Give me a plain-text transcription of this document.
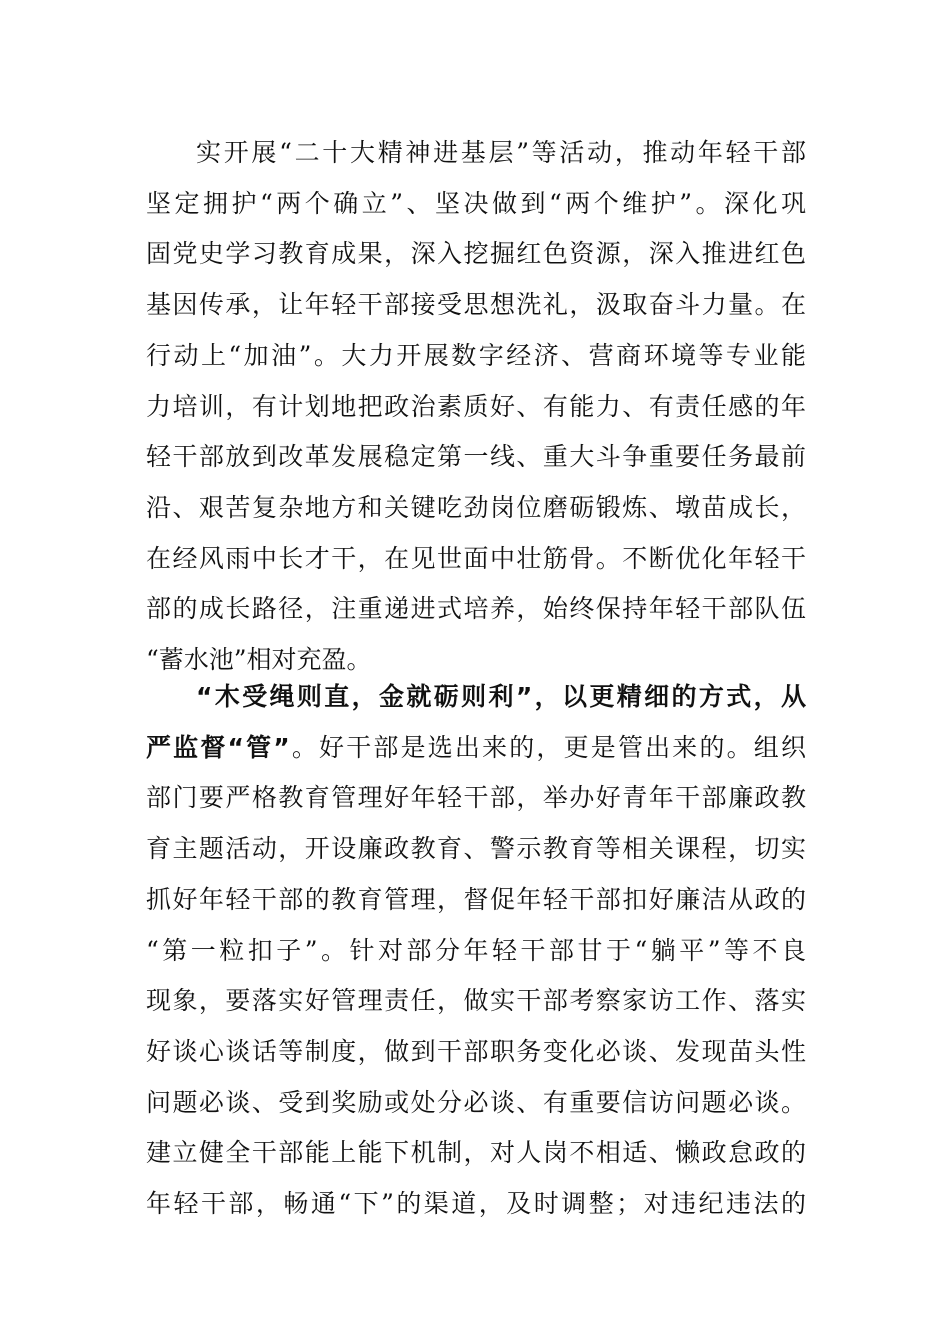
实开展“二十大精神进基层”等活动，推动年轻干部
坚定拥护“两个确立”、坚决做到“两个维护”。深化巩
固党史学习教育成果，深入挖掘红色资源，深入推进红色
基因传承，让年轻干部接受思想洗礼，汲取奋斗力量。在
行动上“加油”。大力开展数字经济、营商环境等专业能
力培训，有计划地把政治素质好、有能力、有责任感的年
轻干部放到改革发展稳定第一线、重大斗争重要任务最前
沿、艰苦复杂地方和关键吃劲岗位磨砺锻炼、墩苗成长，
在经风雨中长才干，在见世面中壮筋骨。不断优化年轻干
部的成长路径，注重递进式培养，始终保持年轻干部队伍
“蓄水池”相对充盈。
“木受绳则直，金就砺则利”，以更精细的方式，从
严监督“管”。好干部是选出来的，更是管出来的。组织
部门要严格教育管理好年轻干部，举办好青年干部廉政教
育主题活动，开设廉政教育、警示教育等相关课程，切实
抓好年轻干部的教育管理，督促年轻干部扣好廉洁从政的
“第一粒扣子”。针对部分年轻干部甘于“躺平”等不良
现象，要落实好管理责任，做实干部考察家访工作、落实
好谈心谈话等制度，做到干部职务变化必谈、发现苗头性
问题必谈、受到奖励或处分必谈、有重要信访问题必谈。
建立健全干部能上能下机制，对人岗不相适、懒政怠政的
年轻干部，畅通“下”的渠道，及时调整；对违纪违法的
